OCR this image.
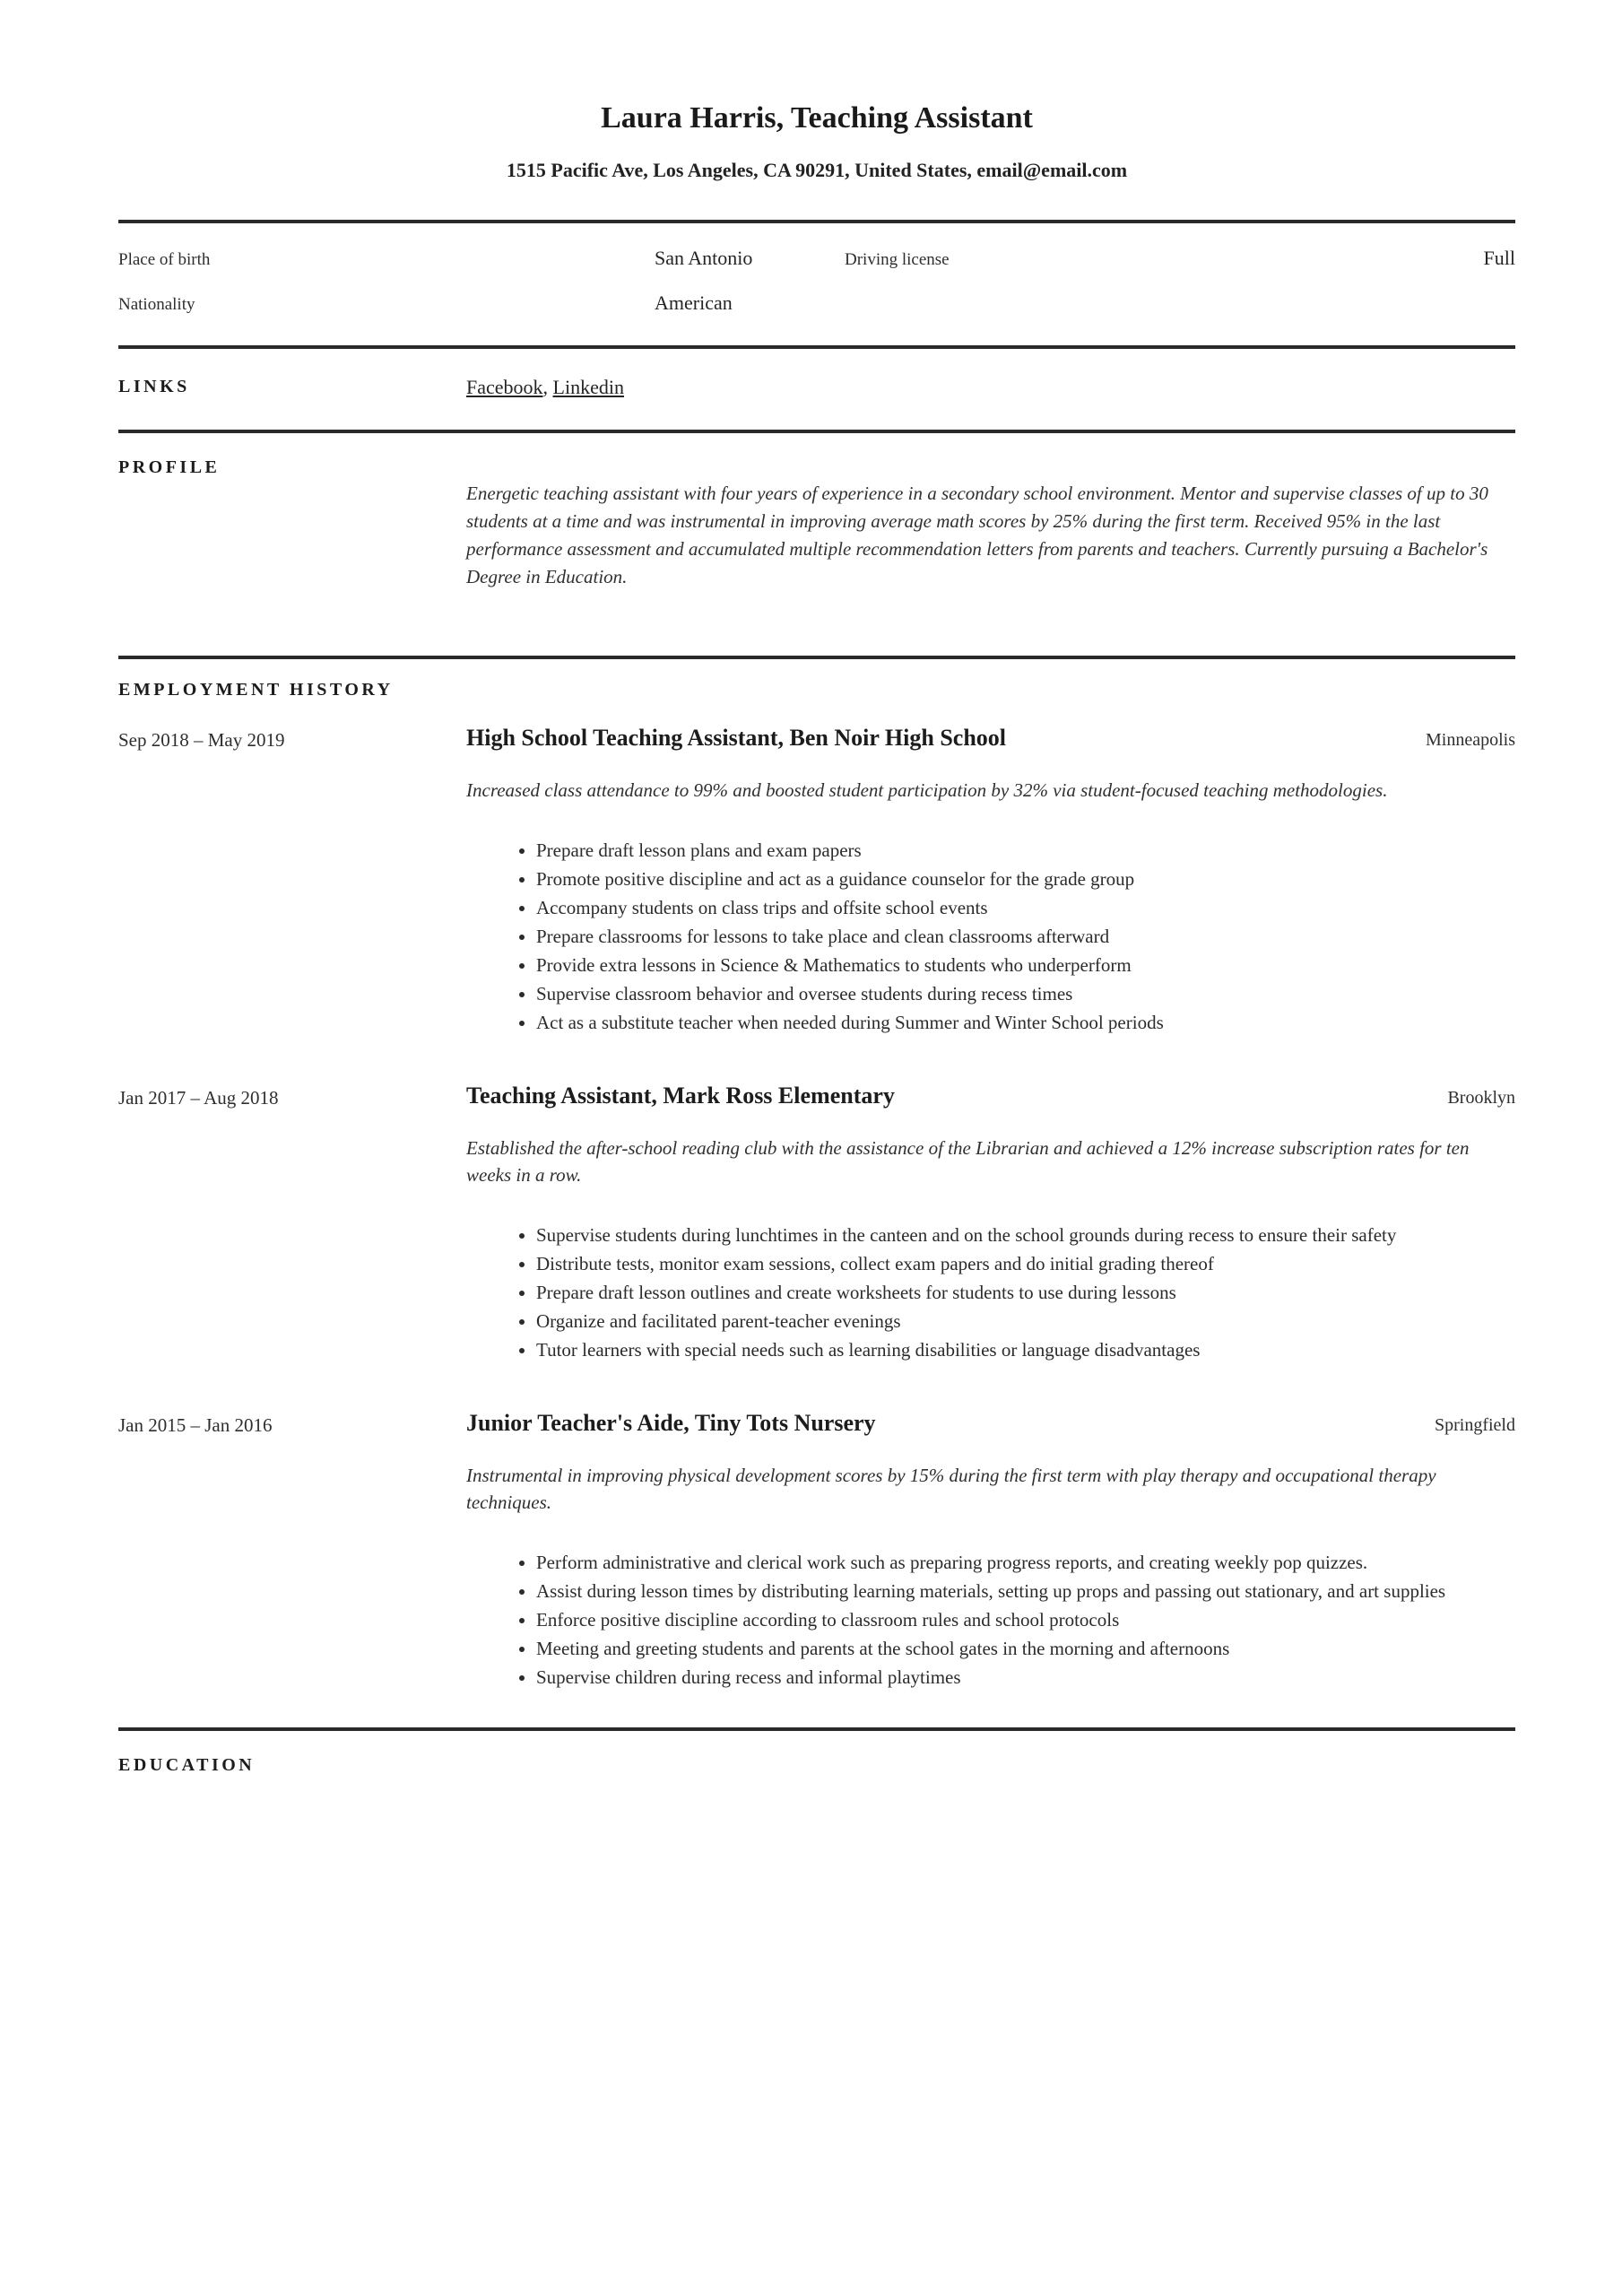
Laura Harris, Teaching Assistant
1515 Pacific Ave, Los Angeles, CA 90291, United States, email@email.com
Place of birth	San Antonio	Driving license	Full
Nationality	American
LINKS	Facebook, Linkedin
PROFILE
Energetic teaching assistant with four years of experience in a secondary school environment. Mentor and supervise classes of up to 30 students at a time and was instrumental in improving average math scores by 25% during the first term. Received 95% in the last performance assessment and accumulated multiple recommendation letters from parents and teachers. Currently pursuing a Bachelor's Degree in Education.
EMPLOYMENT HISTORY
Sep 2018 – May 2019	High School Teaching Assistant, Ben Noir High School	Minneapolis
Increased class attendance to 99% and boosted student participation by 32% via student-focused teaching methodologies.
• Prepare draft lesson plans and exam papers
• Promote positive discipline and act as a guidance counselor for the grade group
• Accompany students on class trips and offsite school events
• Prepare classrooms for lessons to take place and clean classrooms afterward
• Provide extra lessons in Science & Mathematics to students who underperform
• Supervise classroom behavior and oversee students during recess times
• Act as a substitute teacher when needed during Summer and Winter School periods
Jan 2017 – Aug 2018	Teaching Assistant, Mark Ross Elementary	Brooklyn
Established the after-school reading club with the assistance of the Librarian and achieved a 12% increase subscription rates for ten weeks in a row.
• Supervise students during lunchtimes in the canteen and on the school grounds during recess to ensure their safety
• Distribute tests, monitor exam sessions, collect exam papers and do initial grading thereof
• Prepare draft lesson outlines and create worksheets for students to use during lessons
• Organize and facilitated parent-teacher evenings
• Tutor learners with special needs such as learning disabilities or language disadvantages
Jan 2015 – Jan 2016	Junior Teacher's Aide, Tiny Tots Nursery	Springfield
Instrumental in improving physical development scores by 15% during the first term with play therapy and occupational therapy techniques.
• Perform administrative and clerical work such as preparing progress reports, and creating weekly pop quizzes.
• Assist during lesson times by distributing learning materials, setting up props and passing out stationary, and art supplies
• Enforce positive discipline according to classroom rules and school protocols
• Meeting and greeting students and parents at the school gates in the morning and afternoons
• Supervise children during recess and informal playtimes
EDUCATION
